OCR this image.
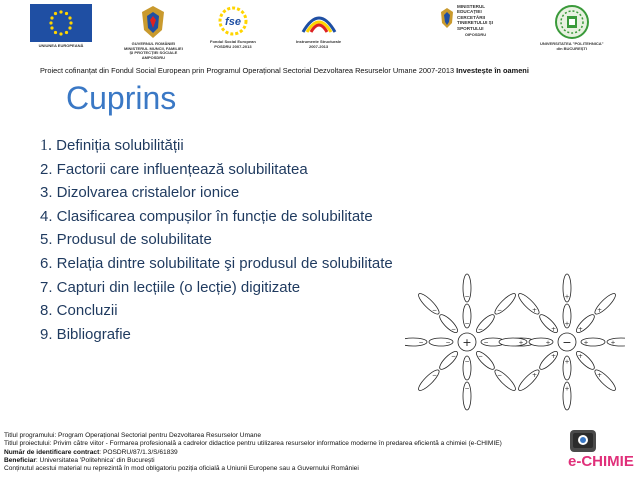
UNIUNEA EUROPEANĂ	GUVERNUL ROMÂNIEI
MINISTERUL MUNCII, FAMILIEI
ȘI PROTECȚIEI SOCIALE
AMPOSDRU
fse
Fondul Social European
POSDRU 2007-2013
Instrumente Structurale
2007-2013
MINISTERUL EDUCAȚIEI CERCETĂRII TINERETULUI ȘI SPORTULUI
OIPOSDRU
UNIVERSITATEA "POLITEHNICA"
din BUCUREȘTI
Proiect cofinanțat din Fondul Social European prin Programul Operațional Sectorial Dezvoltarea Resurselor Umane 2007-2013 Investește în oameni
Cuprins
1. Definiția solubilității
2. Factorii care influențează solubilitatea
3. Dizolvarea cristalelor ionice
4. Clasificarea compușilor în funcție de solubilitate
5. Produsul de solubilitate
6. Relația dintre solubilitate şi produsul de solubilitate
7. Capturi din lecțiile (o lecție) digitizate
8. Concluzii
9. Bibliografie	+ −
−
−
−
−
−
−
−
−
−
−
−
−
−
−
− +	+
+
+
+
+
+
+
+
+
+
+
+
+
+
+
Titlul programului: Program Operațional Sectorial pentru Dezvoltarea Resurselor Umane
Titlul proiectului: Privim către viitor - Formarea profesională a cadrelor didactice pentru utilizarea resurselor informatice moderne în predarea eficientă a chimiei (e-CHIMIE)
Număr de identificare contract: POSDRU/87/1.3/S/61839
Beneficiar: Universitatea 'Politehnica' din București
Conținutul acestui material nu reprezintă în mod obligatoriu poziția oficială a Uniunii Europene sau a Guvernului României	e-CHIMIE
